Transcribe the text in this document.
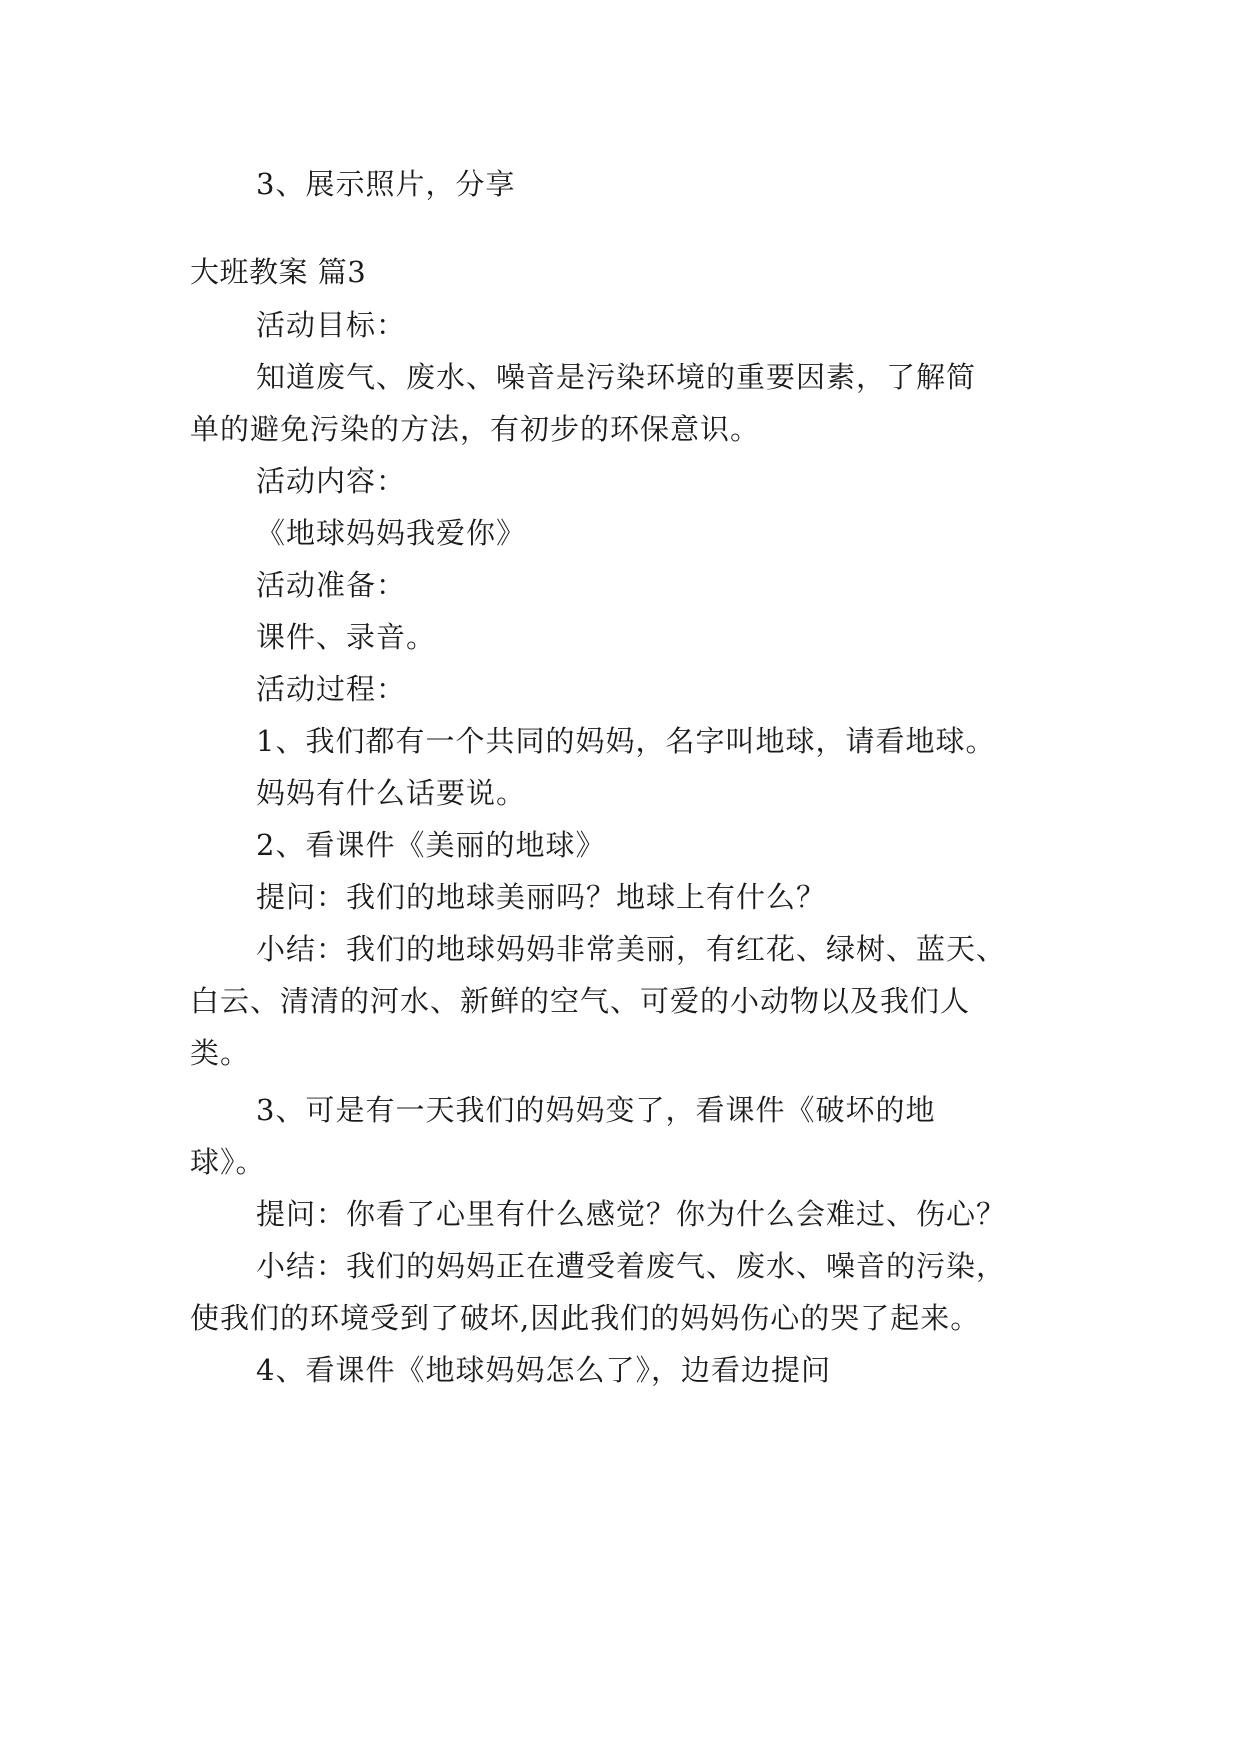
3、展示照片，分享
大班教案 篇3
活动目标：
知道废气、废水、噪音是污染环境的重要因素，了解简
单的避免污染的方法，有初步的环保意识。
活动内容：
《地球妈妈我爱你》
活动准备：
课件、录音。
活动过程：
1、我们都有一个共同的妈妈，名字叫地球，请看地球。
妈妈有什么话要说。
2、看课件《美丽的地球》
提问：我们的地球美丽吗？地球上有什么？
小结：我们的地球妈妈非常美丽，有红花、绿树、蓝天、
白云、清清的河水、新鲜的空气、可爱的小动物以及我们人
类。
3、可是有一天我们的妈妈变了，看课件《破坏的地
球》。
提问：你看了心里有什么感觉？你为什么会难过、伤心？
小结：我们的妈妈正在遭受着废气、废水、噪音的污染，
使我们的环境受到了破坏,因此我们的妈妈伤心的哭了起来。
4、看课件《地球妈妈怎么了》，边看边提问
